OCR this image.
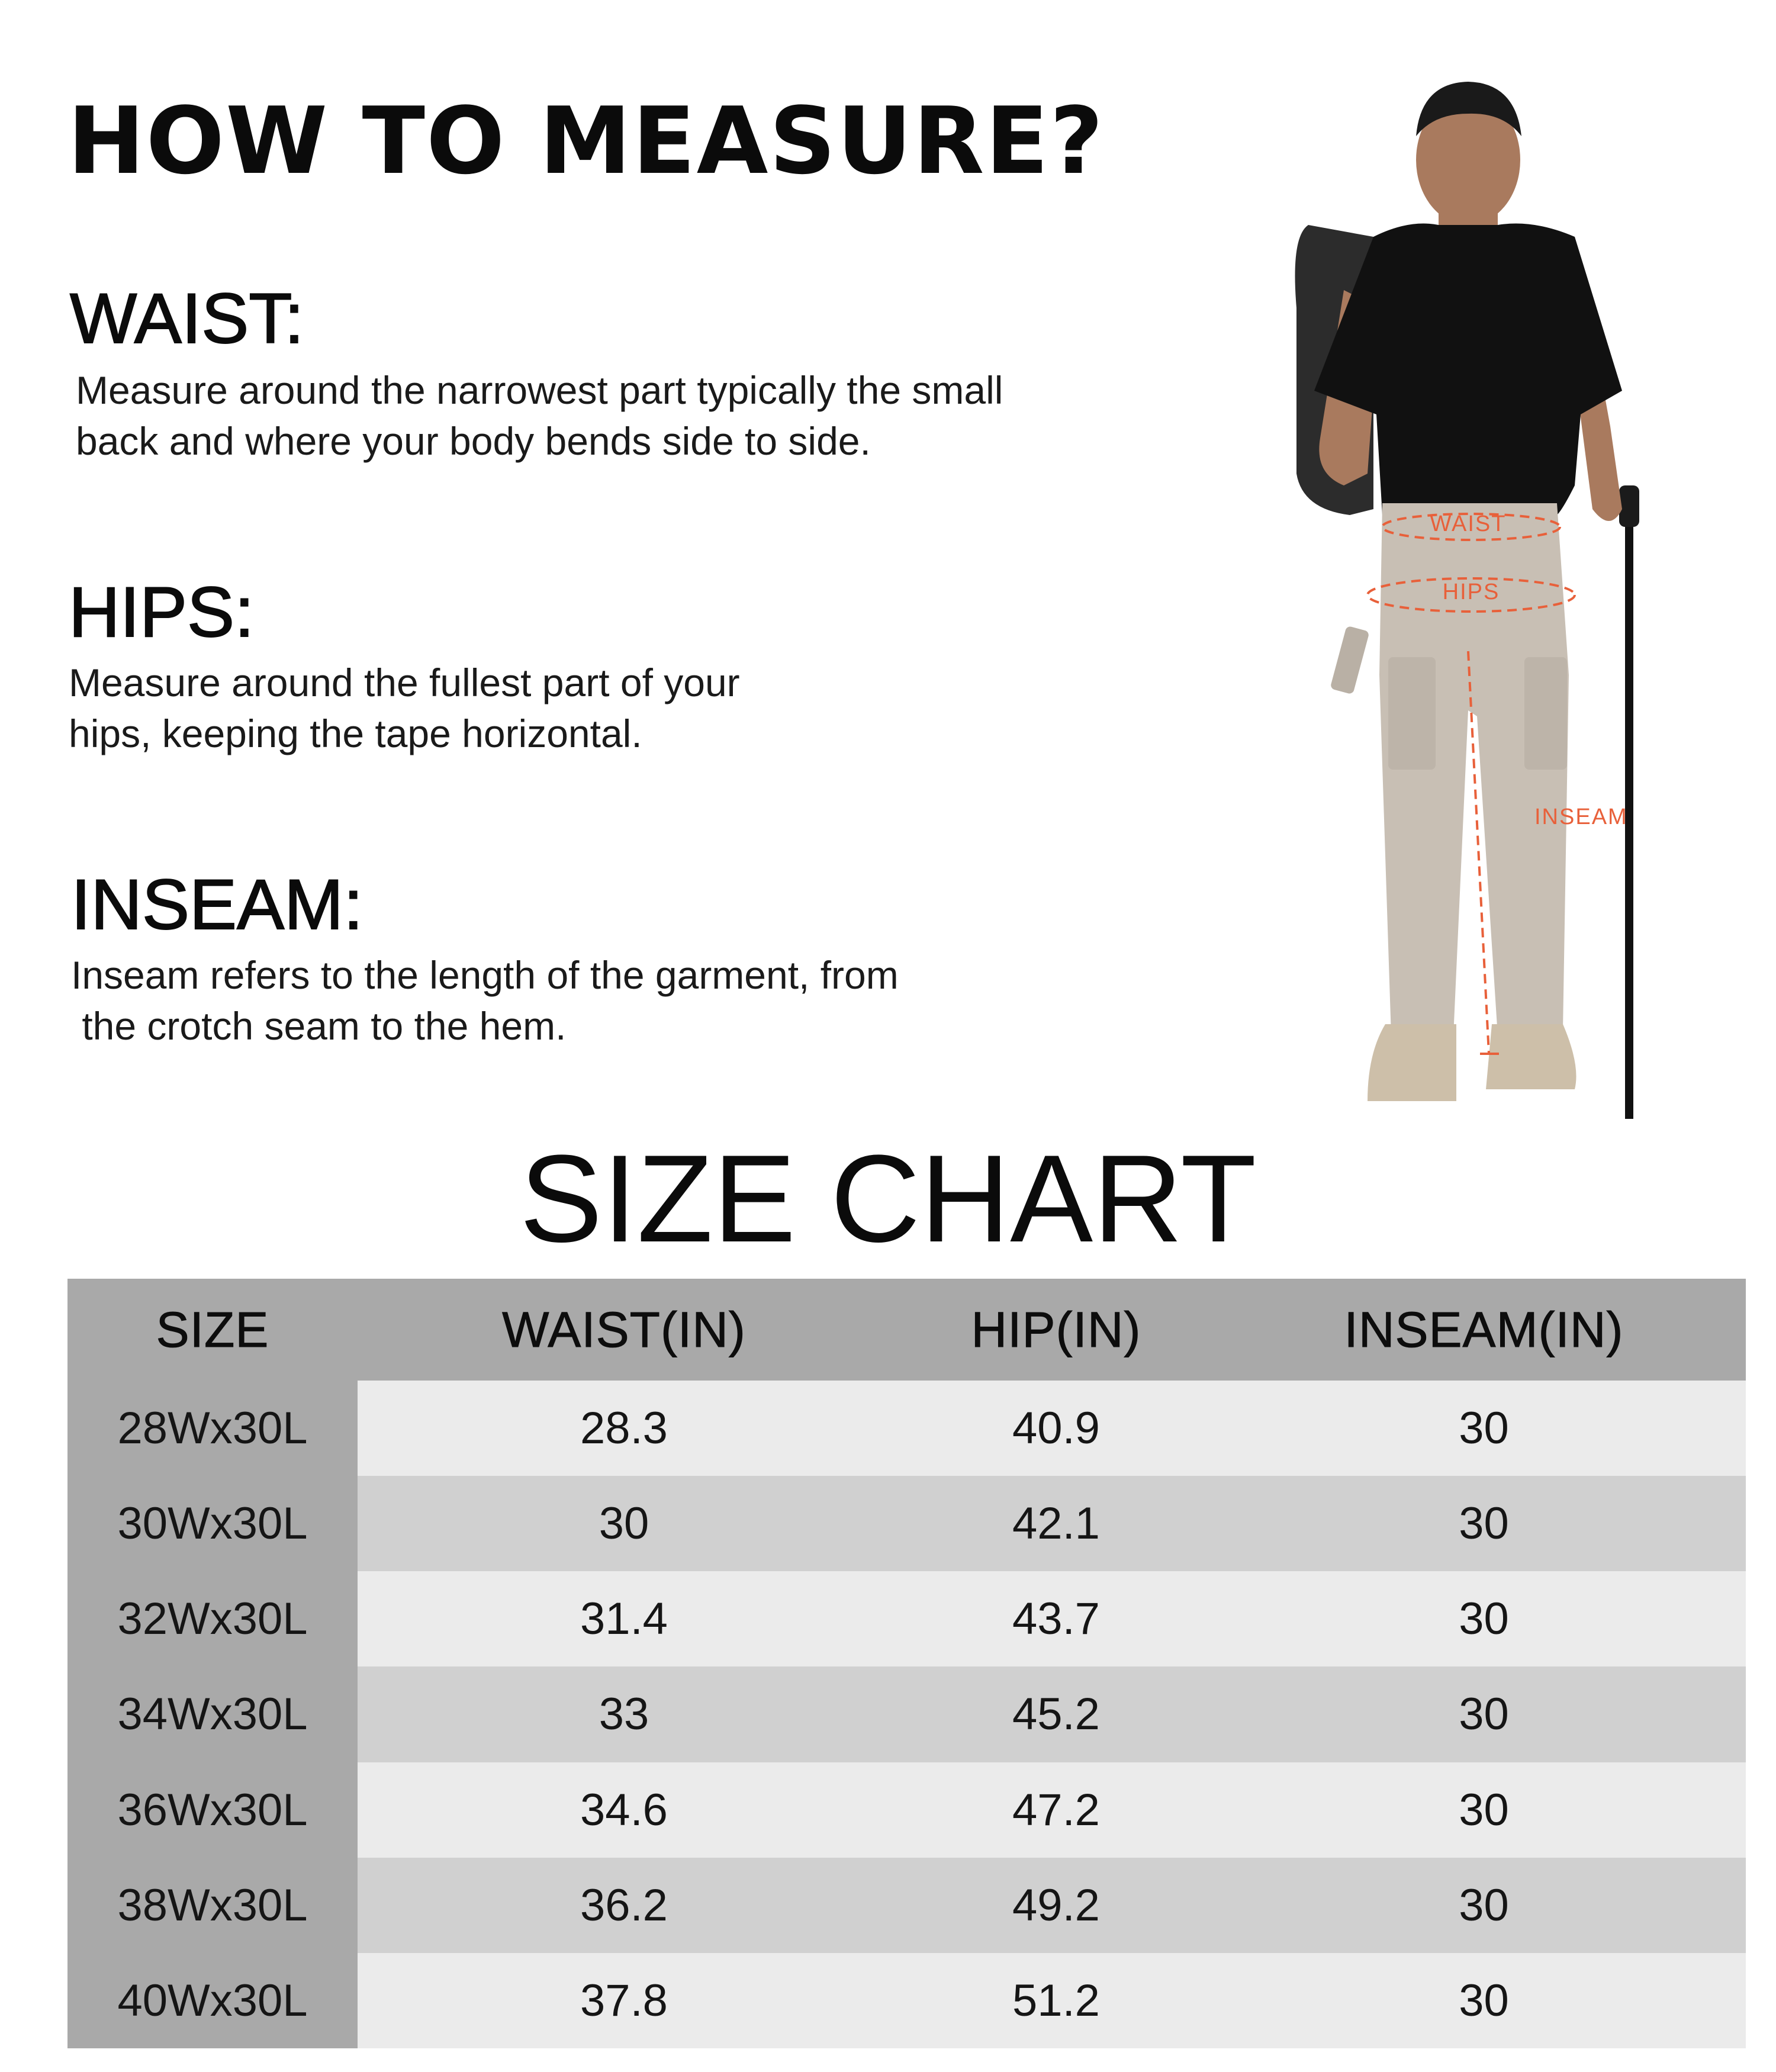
HOW TO MEASURE?
WAIST:

Measure around the narrowest part typically the small

back and where your body bends side to side.

HIPS:

Measure around the fullest part of your

hips, keeping the tape horizontal.

INSEAM:

Inseam refers to the length of the garment, from

the crotch seam to the hem.

WAIST
HIPS
INSEAM
SIZE CHART
SIZE	WAIST(IN)	HIP(IN)	INSEAM(IN)
28Wx30L	28.3	40.9	30
30Wx30L	30	42.1	30
32Wx30L	31.4	43.7	30
34Wx30L	33	45.2	30
36Wx30L	34.6	47.2	30
38Wx30L	36.2	49.2	30
40Wx30L	37.8	51.2	30
